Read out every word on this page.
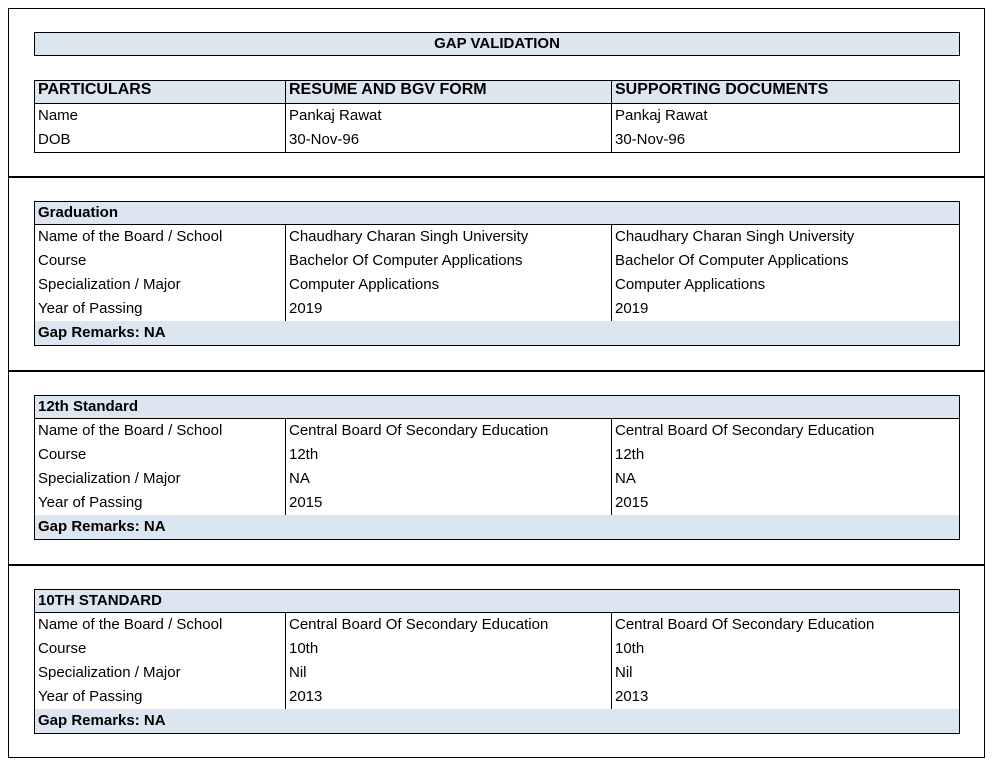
GAP VALIDATION
PARTICULARS	RESUME AND BGV FORM	SUPPORTING DOCUMENTS
Name	Pankaj Rawat	Pankaj Rawat
DOB	30-Nov-96	30-Nov-96
Graduation
Name of the Board / School	Chaudhary Charan Singh University	Chaudhary Charan Singh University
Course	Bachelor Of Computer Applications	Bachelor Of Computer Applications
Specialization / Major	Computer Applications	Computer Applications
Year of Passing	2019	2019
Gap Remarks: NA
12th Standard
Name of the Board / School	Central Board Of Secondary Education	Central Board Of Secondary Education
Course	12th	12th
Specialization / Major	NA	NA
Year of Passing	2015	2015
Gap Remarks: NA
10TH STANDARD
Name of the Board / School	Central Board Of Secondary Education	Central Board Of Secondary Education
Course	10th	10th
Specialization / Major	Nil	Nil
Year of Passing	2013	2013
Gap Remarks: NA
